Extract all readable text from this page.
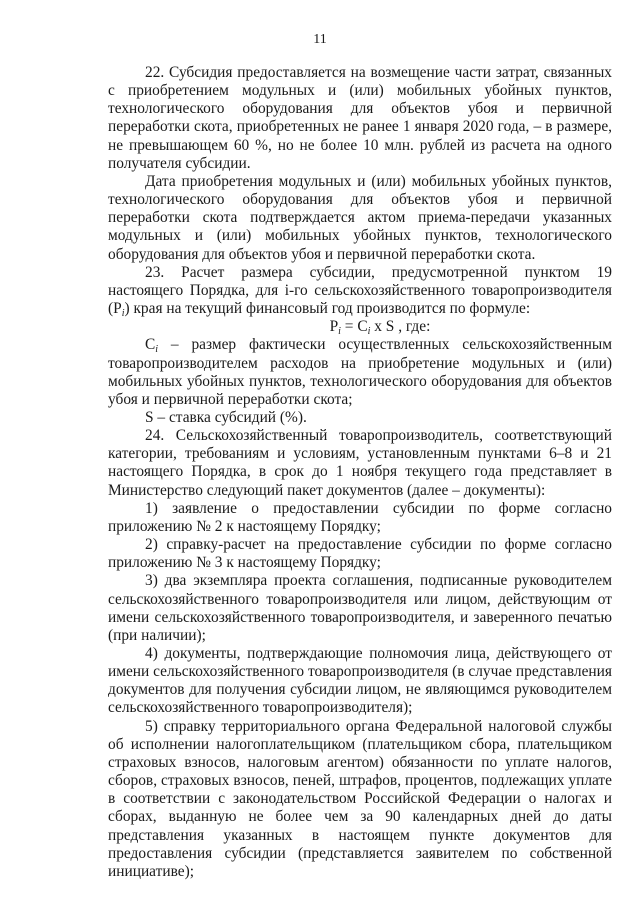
11

22. Субсидия предоставляется на возмещение части затрат, связанных с приобретением модульных и (или) мобильных убойных пунктов, технологического оборудования для объектов убоя и первичной переработки скота, приобретенных не ранее 1 января 2020 года, – в размере, не превышающем 60 %, но не более 10 млн. рублей из расчета на одного получателя субсидии.

Дата приобретения модульных и (или) мобильных убойных пунктов, технологического оборудования для объектов убоя и первичной переработки скота подтверждается актом приема-передачи указанных модульных и (или) мобильных убойных пунктов, технологического оборудования для объектов убоя и первичной переработки скота.

23. Расчет размера субсидии, предусмотренной пунктом 19 настоящего Порядка, для i-го сельскохозяйственного товаропроизводителя $(P_i)$ края на текущий финансовый год производится по формуле:

$P_i = C_i$ x S , где:

$C_i$ – размер фактически осуществленных сельскохозяйственным товаропроизводителем расходов на приобретение модульных и (или) мобильных убойных пунктов, технологического оборудования для объектов убоя и первичной переработки скота;

S – ставка субсидий (%).

24. Сельскохозяйственный товаропроизводитель, соответствующий категории, требованиям и условиям, установленным пунктами 6–8 и 21 настоящего Порядка, в срок до 1 ноября текущего года представляет в Министерство следующий пакет документов (далее – документы):

1) заявление о предоставлении субсидии по форме согласно приложению № 2 к настоящему Порядку;

2) справку-расчет на предоставление субсидии по форме согласно приложению № 3 к настоящему Порядку;

3) два экземпляра проекта соглашения, подписанные руководителем сельскохозяйственного товаропроизводителя или лицом, действующим от имени сельскохозяйственного товаропроизводителя, и заверенного печатью (при наличии);

4) документы, подтверждающие полномочия лица, действующего от имени сельскохозяйственного товаропроизводителя (в случае представления документов для получения субсидии лицом, не являющимся руководителем сельскохозяйственного товаропроизводителя);

5) справку территориального органа Федеральной налоговой службы об исполнении налогоплательщиком (плательщиком сбора, плательщиком страховых взносов, налоговым агентом) обязанности по уплате налогов, сборов, страховых взносов, пеней, штрафов, процентов, подлежащих уплате в соответствии с законодательством Российской Федерации о налогах и сборах, выданную не более чем за 90 календарных дней до даты представления указанных в настоящем пункте документов для предоставления субсидии (представляется заявителем по собственной инициативе);
